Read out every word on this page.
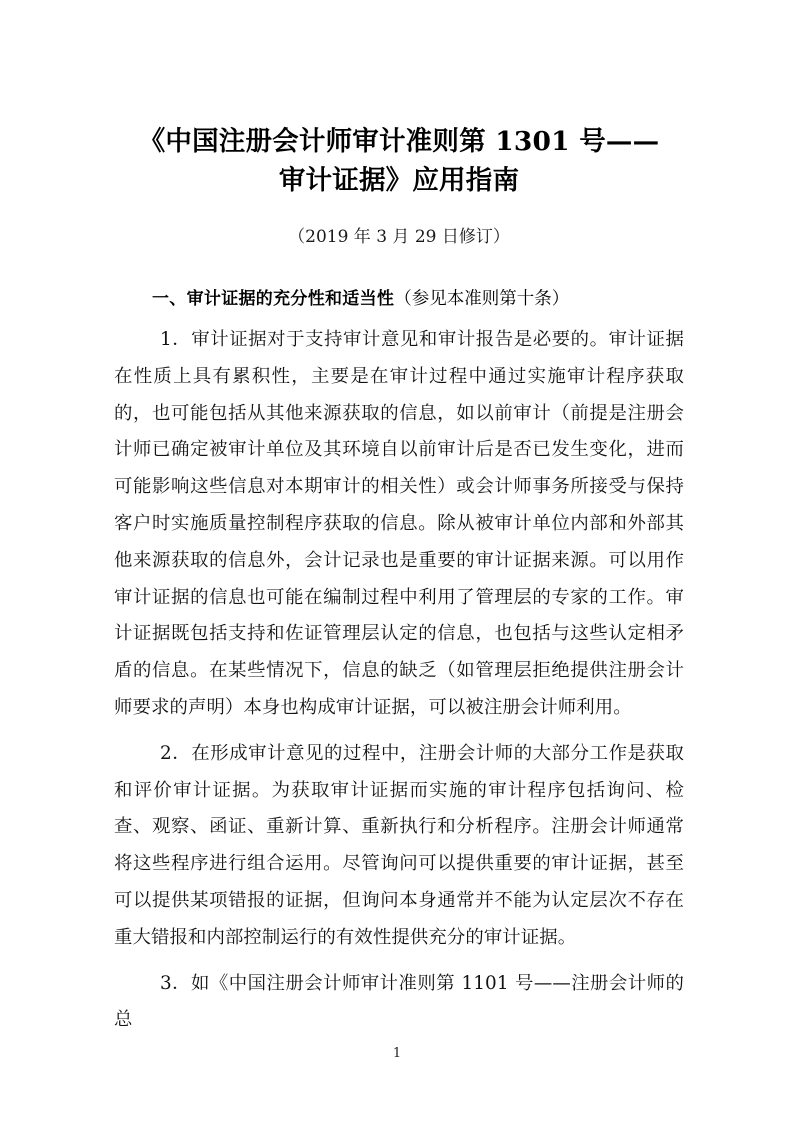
《中国注册会计师审计准则第 1301 号——
审计证据》应用指南

（2019 年 3 月 29 日修订）

一、审计证据的充分性和适当性（参见本准则第十条）

1．审计证据对于支持审计意见和审计报告是必要的。审计证据在性质上具有累积性，主要是在审计过程中通过实施审计程序获取的，也可能包括从其他来源获取的信息，如以前审计（前提是注册会计师已确定被审计单位及其环境自以前审计后是否已发生变化，进而可能影响这些信息对本期审计的相关性）或会计师事务所接受与保持客户时实施质量控制程序获取的信息。除从被审计单位内部和外部其他来源获取的信息外，会计记录也是重要的审计证据来源。可以用作审计证据的信息也可能在编制过程中利用了管理层的专家的工作。审计证据既包括支持和佐证管理层认定的信息，也包括与这些认定相矛盾的信息。在某些情况下，信息的缺乏（如管理层拒绝提供注册会计师要求的声明）本身也构成审计证据，可以被注册会计师利用。

2．在形成审计意见的过程中，注册会计师的大部分工作是获取和评价审计证据。为获取审计证据而实施的审计程序包括询问、检查、观察、函证、重新计算、重新执行和分析程序。注册会计师通常将这些程序进行组合运用。尽管询问可以提供重要的审计证据，甚至可以提供某项错报的证据，但询问本身通常并不能为认定层次不存在重大错报和内部控制运行的有效性提供充分的审计证据。

3．如《中国注册会计师审计准则第 1101 号——注册会计师的总

1
